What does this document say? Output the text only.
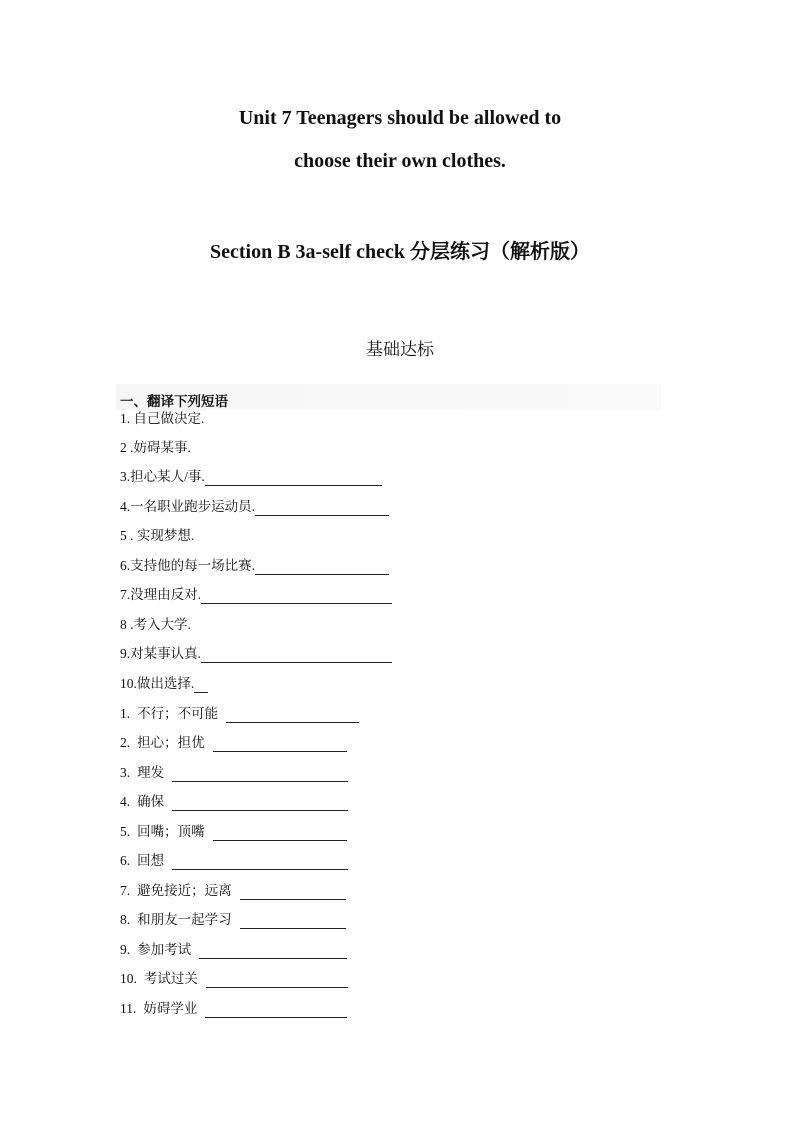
Unit 7 Teenagers should be allowed to
choose their own clothes.
Section B 3a-self check 分层练习（解析版）
基础达标
一、翻译下列短语
1. 自己做决定.
2 .妨碍某事.
3.担心某人/事.
4.一名职业跑步运动员.
5 . 实现梦想.
6.支持他的每一场比赛.
7.没理由反对.
8 .考入大学.
9.对某事认真.
10.做出选择.
1. 不行；不可能
2. 担心；担优
3. 理发
4. 确保
5. 回嘴；顶嘴
6. 回想
7. 避免接近；远离
8. 和朋友一起学习
9. 参加考试
10. 考试过关
11. 妨碍学业
